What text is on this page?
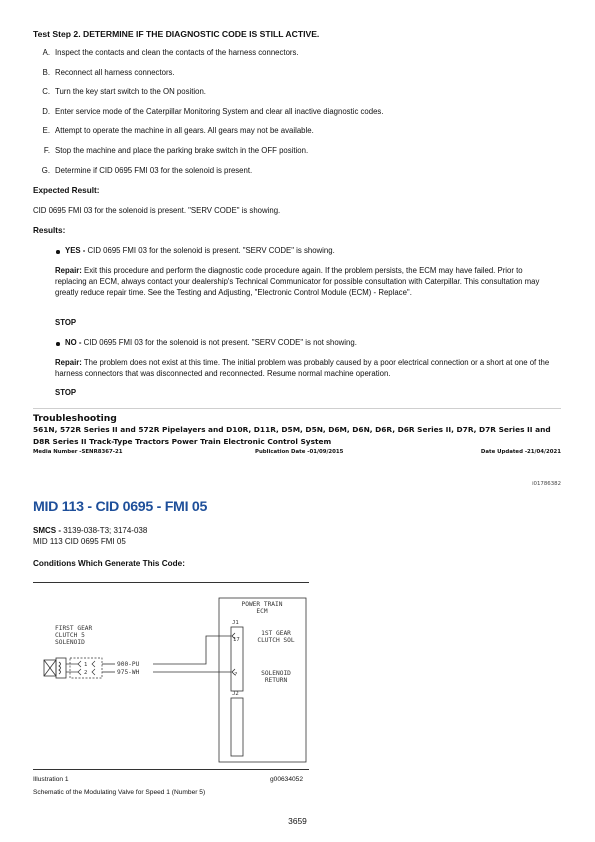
Test Step 2. DETERMINE IF THE DIAGNOSTIC CODE IS STILL ACTIVE.
A. Inspect the contacts and clean the contacts of the harness connectors.
B. Reconnect all harness connectors.
C. Turn the key start switch to the ON position.
D. Enter service mode of the Caterpillar Monitoring System and clear all inactive diagnostic codes.
E. Attempt to operate the machine in all gears. All gears may not be available.
F. Stop the machine and place the parking brake switch in the OFF position.
G. Determine if CID 0695 FMI 03 for the solenoid is present.
Expected Result:
CID 0695 FMI 03 for the solenoid is present. "SERV CODE" is showing.
Results:
YES - CID 0695 FMI 03 for the solenoid is present. "SERV CODE" is showing.
Repair: Exit this procedure and perform the diagnostic code procedure again. If the problem persists, the ECM may have failed. Prior to replacing an ECM, always contact your dealership's Technical Communicator for possible consultation with Caterpillar. This consultation may greatly reduce repair time. See the Testing and Adjusting, "Electronic Control Module (ECM) - Replace".
STOP
NO - CID 0695 FMI 03 for the solenoid is not present. "SERV CODE" is not showing.
Repair: The problem does not exist at this time. The initial problem was probably caused by a poor electrical connection or a short at one of the harness connectors that was disconnected and reconnected. Resume normal machine operation.
STOP
Troubleshooting
561N, 572R Series II and 572R Pipelayers and D10R, D11R, D5M, D5N, D6M, D6N, D6R, D6R Series II, D7R, D7R Series II and D8R Series II Track-Type Tractors Power Train Electronic Control System
Media Number -SENR8367-21	Publication Date -01/09/2015	Date Updated -21/04/2021
i01786382
MID 113 - CID 0695 - FMI 05
SMCS - 3139-038-T3; 3174-038
MID 113 CID 0695 FMI 05
Conditions Which Generate This Code:
POWER TRAIN
ECM
J1
17
?
J2
1ST GEAR
CLUTCH SOL
SOLENOID
RETURN
FIRST GEAR
CLUTCH 5
SOLENOID
1
2
900-PU
975-WH
Illustration 1	g00634052
Schematic of the Modulating Valve for Speed 1 (Number 5)
3659
